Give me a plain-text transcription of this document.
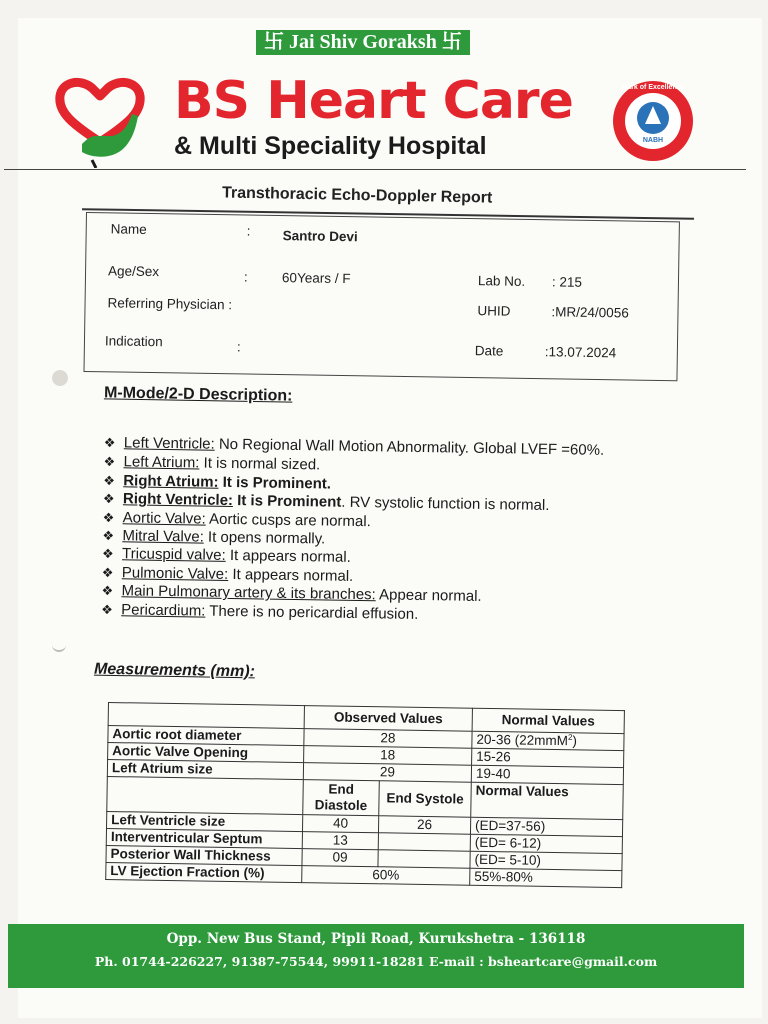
卐 Jai Shiv Goraksh 卐
BS Heart Care
& Multi Speciality Hospital	NABH
Mark of Excellence
Transthoracic Echo-Doppler Report
Name	: Santro Devi
Age/Sex	:	60Years / F	Lab No. : 215
Referring Physician :	UHID	:MR/24/0056
Indication	:	Date	:13.07.2024
M-Mode/2-D Description:
❖ Left Ventricle: No Regional Wall Motion Abnormality. Global LVEF =60%.
❖ Left Atrium: It is normal sized.
❖ Right Atrium: It is Prominent.
❖ Right Ventricle: It is Prominent. RV systolic function is normal.
❖ Aortic Valve: Aortic cusps are normal.
❖ Mitral Valve: It opens normally.
❖ Tricuspid valve: It appears normal.
❖ Pulmonic Valve: It appears normal.
❖ Main Pulmonary artery & its branches: Appear normal.
❖ Pericardium: There is no pericardial effusion.
Measurements (mm):
	Observed Values		Normal Values
Aortic root diameter	28		20-36 (22mmM$^2$)
Aortic Valve Opening	18		15-26
Left Atrium size	29		19-40
	End Diastole	End Systole	Normal Values
Left Ventricle size	40	26	(ED=37-56)
Interventricular Septum	13		(ED= 6-12)
Posterior Wall Thickness	09		(ED= 5-10)
LV Ejection Fraction (%)	60%		55%-80%
Opp. New Bus Stand, Pipli Road, Kurukshetra - 136118
Ph. 01744-226227, 91387-75544, 99911-18281 E-mail : bsheartcare@gmail.com
